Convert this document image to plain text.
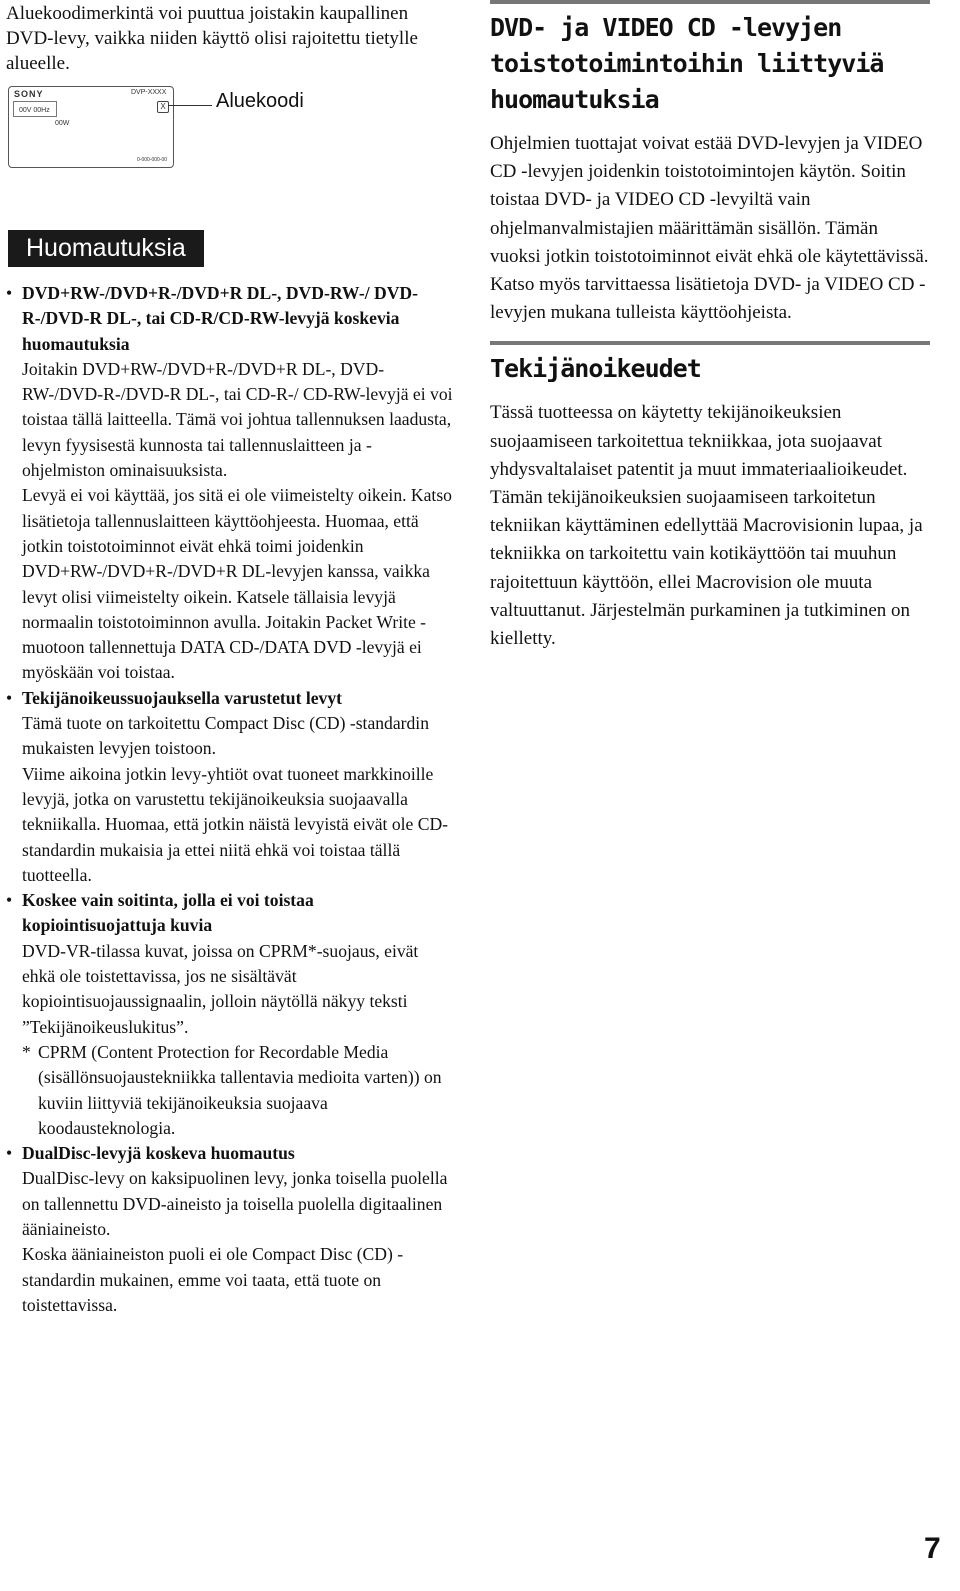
Aluekoodimerkintä voi puuttua joistakin kaupallinen DVD-levy, vaikka niiden käyttö olisi rajoitettu tietylle alueelle.

SONY	DVP-XXXX
00V 00Hz
00W
0-000-000-00
X	Aluekoodi
Huomautuksia
• DVD+RW-/DVD+R-/DVD+R DL-, DVD-RW-/ DVD-R-/DVD-R DL-, tai CD-R/CD-RW-levyjä koskevia huomautuksia

Joitakin DVD+RW-/DVD+R-/DVD+R DL-, DVD-RW-/DVD-R-/DVD-R DL-, tai CD-R-/ CD-RW-levyjä ei voi toistaa tällä laitteella. Tämä voi johtua tallennuksen laadusta, levyn fyysisestä kunnosta tai tallennuslaitteen ja -ohjelmiston ominaisuuksista.

Levyä ei voi käyttää, jos sitä ei ole viimeistelty oikein. Katso lisätietoja tallennuslaitteen käyttöohjeesta. Huomaa, että jotkin toistotoiminnot eivät ehkä toimi joidenkin DVD+RW-/DVD+R-/DVD+R DL-levyjen kanssa, vaikka levyt olisi viimeistelty oikein. Katsele tällaisia levyjä normaalin toistotoiminnon avulla. Joitakin Packet Write -muotoon tallennettuja DATA CD-/DATA DVD -levyjä ei myöskään voi toistaa.

• Tekijänoikeussuojauksella varustetut levyt

Tämä tuote on tarkoitettu Compact Disc (CD) -standardin mukaisten levyjen toistoon.

Viime aikoina jotkin levy-yhtiöt ovat tuoneet markkinoille levyjä, jotka on varustettu tekijänoikeuksia suojaavalla tekniikalla. Huomaa, että jotkin näistä levyistä eivät ole CD-standardin mukaisia ja ettei niitä ehkä voi toistaa tällä tuotteella.

• Koskee vain soitinta, jolla ei voi toistaa kopiointisuojattuja kuvia

DVD-VR-tilassa kuvat, joissa on CPRM*-suojaus, eivät ehkä ole toistettavissa, jos ne sisältävät kopiointisuojaussignaalin, jolloin näytöllä näkyy teksti ”Tekijänoikeuslukitus”.

* CPRM (Content Protection for Recordable Media (sisällönsuojaustekniikka tallentavia medioita varten)) on kuviin liittyviä tekijänoikeuksia suojaava koodausteknologia.

• DualDisc-levyjä koskeva huomautus

DualDisc-levy on kaksipuolinen levy, jonka toisella puolella on tallennettu DVD-aineisto ja toisella puolella digitaalinen ääniaineisto.

Koska ääniaineiston puoli ei ole Compact Disc (CD) -standardin mukainen, emme voi taata, että tuote on toistettavissa.

DVD- ja VIDEO CD -levyjen toistotoimintoihin liittyviä huomautuksia

Ohjelmien tuottajat voivat estää DVD-levyjen ja VIDEO CD -levyjen joidenkin toistotoimintojen käytön. Soitin toistaa DVD- ja VIDEO CD -levyiltä vain ohjelmanvalmistajien määrittämän sisällön. Tämän vuoksi jotkin toistotoiminnot eivät ehkä ole käytettävissä. Katso myös tarvittaessa lisätietoja DVD- ja VIDEO CD -levyjen mukana tulleista käyttöohjeista.

Tekijänoikeudet

Tässä tuotteessa on käytetty tekijänoikeuksien suojaamiseen tarkoitettua tekniikkaa, jota suojaavat yhdysvaltalaiset patentit ja muut immateriaalioikeudet. Tämän tekijänoikeuksien suojaamiseen tarkoitetun tekniikan käyttäminen edellyttää Macrovisionin lupaa, ja tekniikka on tarkoitettu vain kotikäyttöön tai muuhun rajoitettuun käyttöön, ellei Macrovision ole muuta valtuuttanut. Järjestelmän purkaminen ja tutkiminen on kielletty.

7
